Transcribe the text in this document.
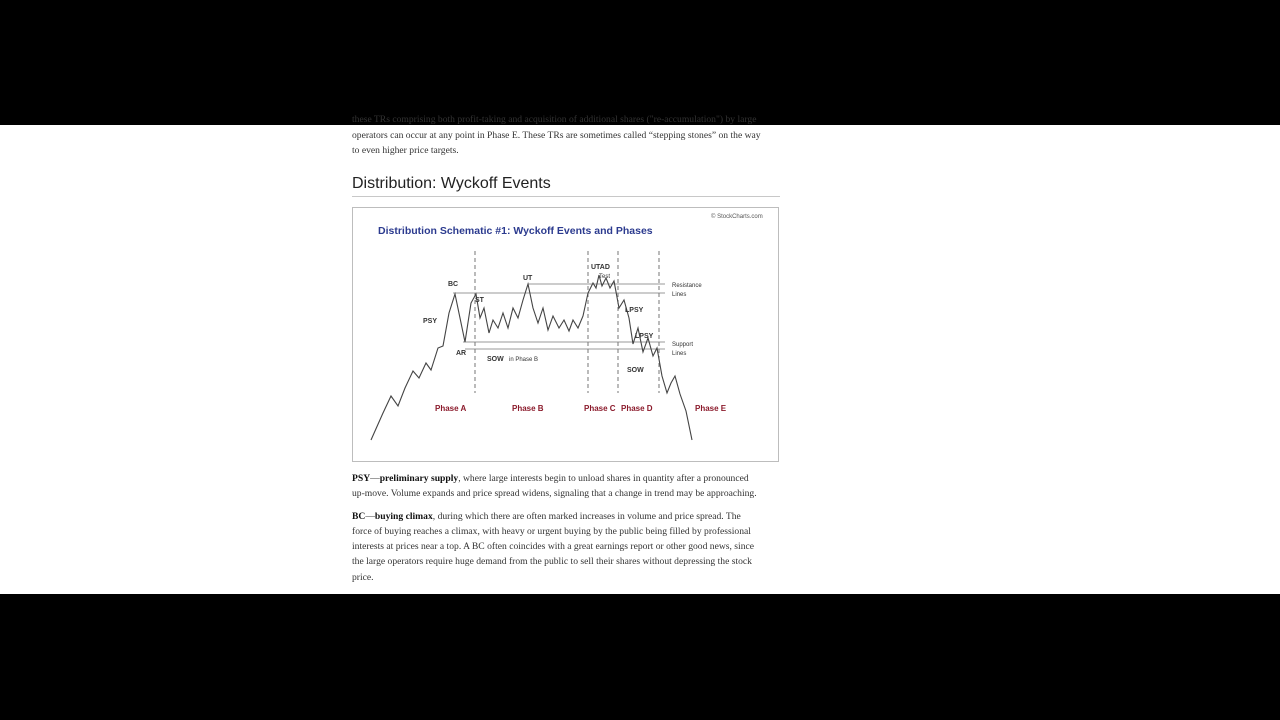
these TRs comprising both profit-taking and acquisition of additional shares ("re-accumulation") by large

operators can occur at any point in Phase E. These TRs are sometimes called “stepping stones” on the way

to even higher price targets.

Distribution: Wyckoff Events
© StockCharts.com
Distribution Schematic #1: Wyckoff Events and Phases
BC
PSY
ST
AR
UT
UTAD
SOW
LPSY
LPSY
SOW
Test
in Phase B
Resistance
Lines
Support
Lines
Phase A	Phase B	Phase C Phase D	Phase E

PSY—preliminary supply, where large interests begin to unload shares in quantity after a pronounced
up-move. Volume expands and price spread widens, signaling that a change in trend may be approaching.

BC—buying climax, during which there are often marked increases in volume and price spread. The
force of buying reaches a climax, with heavy or urgent buying by the public being filled by professional
interests at prices near a top. A BC often coincides with a great earnings report or other good news, since
the large operators require huge demand from the public to sell their shares without depressing the stock
price.
